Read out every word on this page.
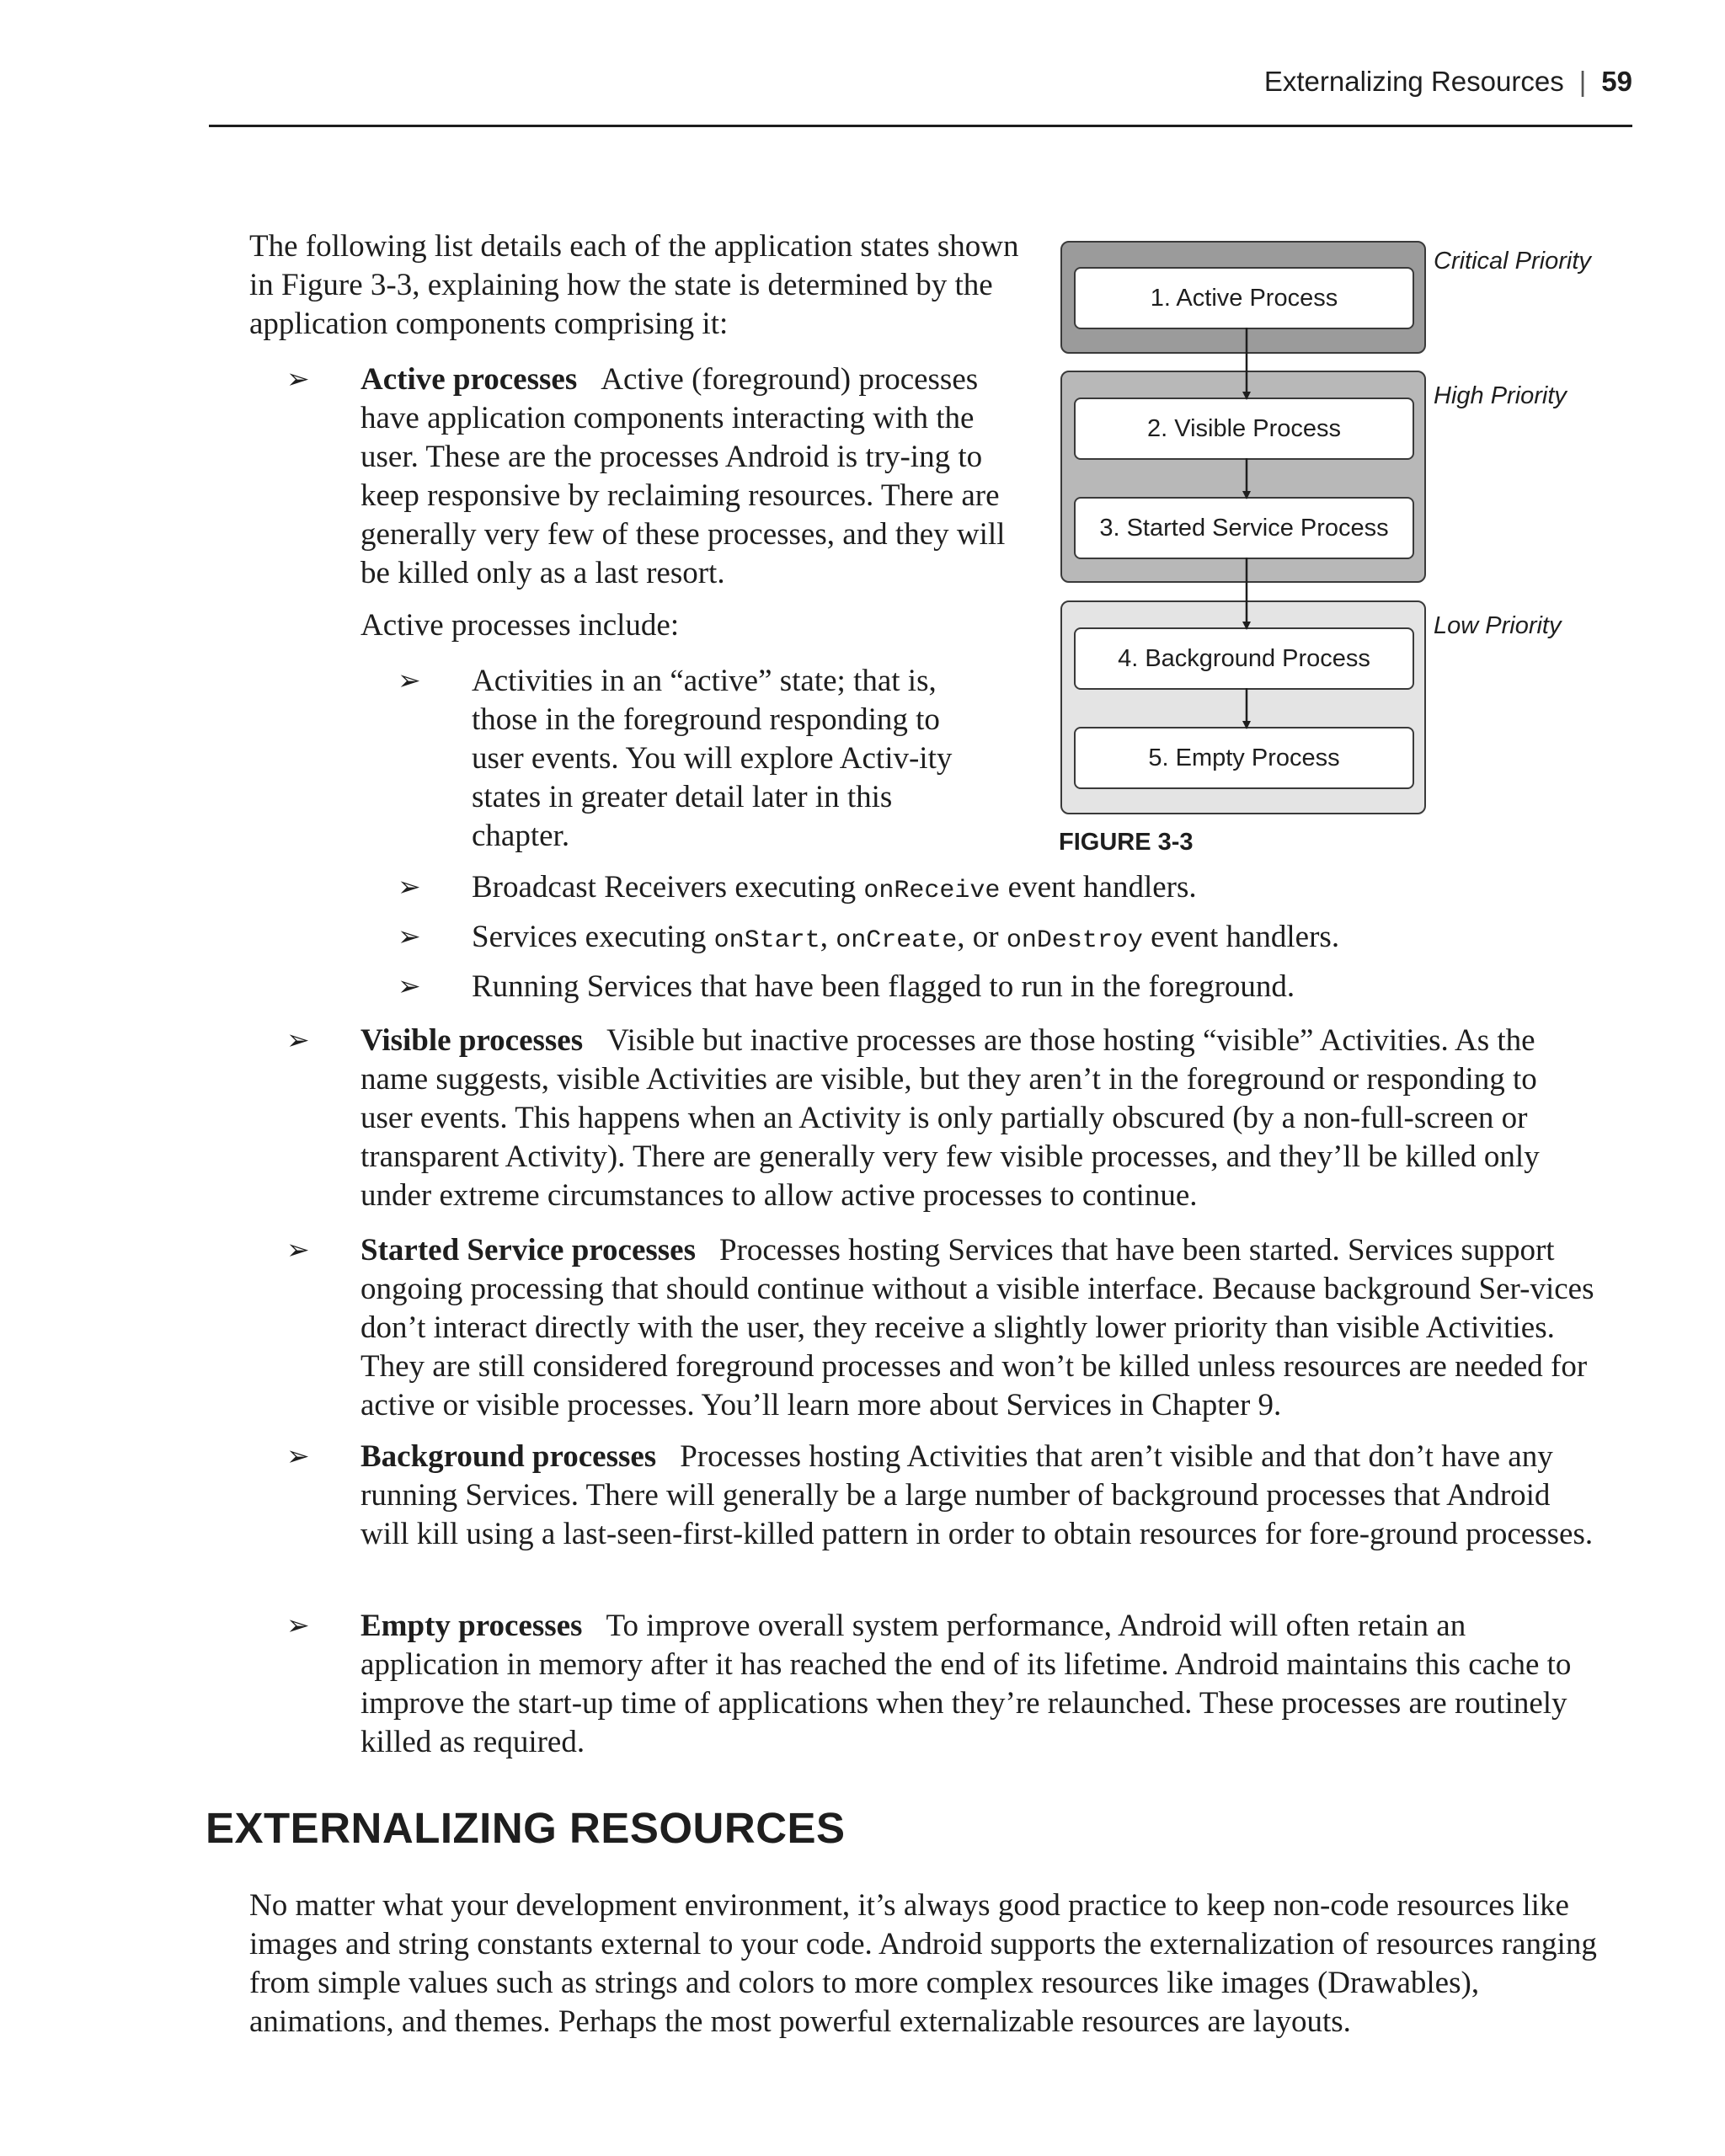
Externalizing Resources | 59
The following list details each of the application states shown in Figure 3-3, explaining how the state is determined by the application components comprising it:
➢ Active processes Active (foreground) processes have application components interacting with the user. These are the processes Android is try-ing to keep responsive by reclaiming resources. There are generally very few of these processes, and they will be killed only as a last resort.
Active processes include:
➢ Activities in an “active” state; that is, those in the foreground responding to user events. You will explore Activ-ity states in greater detail later in this chapter.
➢ Broadcast Receivers executing onReceive event handlers.
➢ Services executing onStart, onCreate, or onDestroy event handlers.
➢ Running Services that have been flagged to run in the foreground.
➢ Visible processes Visible but inactive processes are those hosting “visible” Activities. As the name suggests, visible Activities are visible, but they aren’t in the foreground or responding to user events. This happens when an Activity is only partially obscured (by a non-full-screen or transparent Activity). There are generally very few visible processes, and they’ll be killed only under extreme circumstances to allow active processes to continue.
➢ Started Service processes Processes hosting Services that have been started. Services support ongoing processing that should continue without a visible interface. Because background Ser-vices don’t interact directly with the user, they receive a slightly lower priority than visible Activities. They are still considered foreground processes and won’t be killed unless resources are needed for active or visible processes. You’ll learn more about Services in Chapter 9.
➢ Background processes Processes hosting Activities that aren’t visible and that don’t have any running Services. There will generally be a large number of background processes that Android will kill using a last-seen-first-killed pattern in order to obtain resources for fore-ground processes.
➢ Empty processes To improve overall system performance, Android will often retain an application in memory after it has reached the end of its lifetime. Android maintains this cache to improve the start-up time of applications when they’re relaunched. These processes are routinely killed as required.
EXTERNALIZING RESOURCES
No matter what your development environment, it’s always good practice to keep non-code resources like images and string constants external to your code. Android supports the externalization of resources ranging from simple values such as strings and colors to more complex resources like images (Drawables), animations, and themes. Perhaps the most powerful externalizable resources are layouts.
1. Active Process
2. Visible Process
3. Started Service Process
4. Background Process
5. Empty Process
Critical Priority
High Priority
Low Priority
FIGURE 3-3
